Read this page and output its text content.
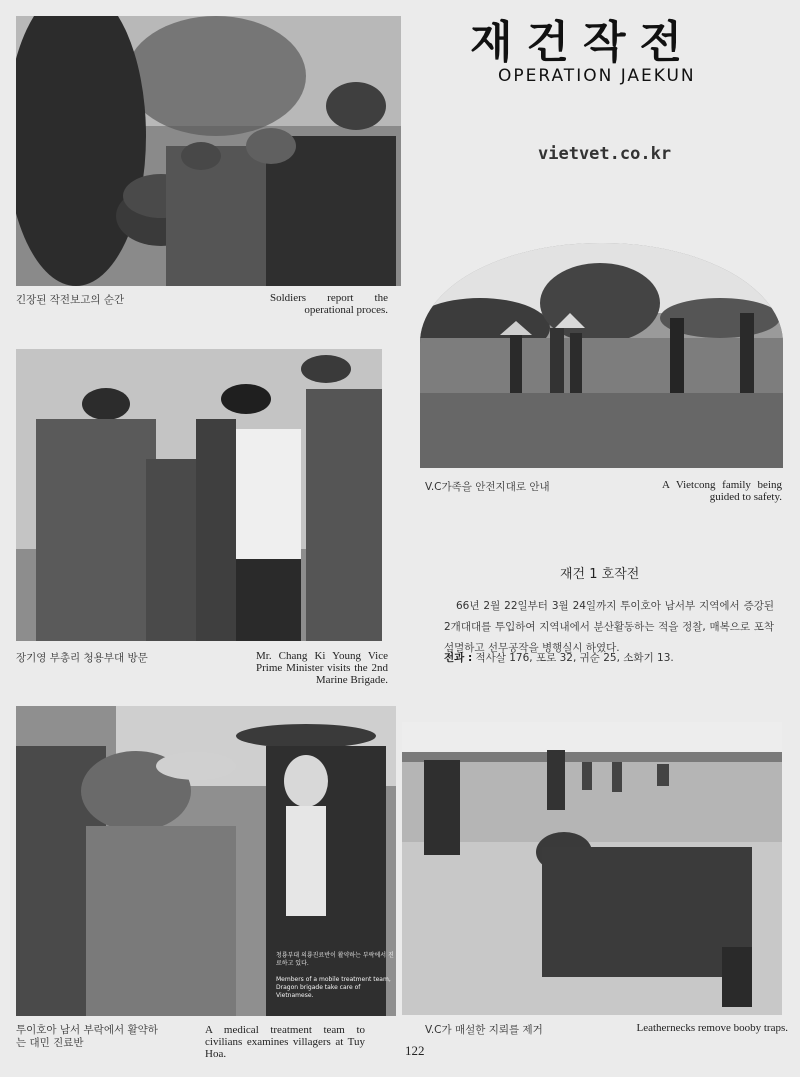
재건작전
OPERATION JAEKUN
vietvet.co.kr
긴장된 작전보고의 순간	Soldiers report the operational proces.
V.C가족을 안전지대로 안내	A Vietcong family being guided to safety.
장기영 부총리 청용부대 방문	Mr. Chang Ki Young Vice Prime Minister visits the 2nd Marine Brigade.
재건 1 호작전
66년 2월 22일부터 3월 24일까지 투이호아 남서부 지역에서 증강된 2개대대를 투입하여 지역내에서 분산활동하는 적을 정찰, 매복으로 포착 섬멸하고 선무공작을 병행실시 하였다.
전과 : 적사살 176, 포로 32, 귀순 25, 소화기 13.
청룡부대 의룡진료반이 활약하는 부락에서 진료하고 있다.
Members of a mobile treatment team, Dragon brigade take care of Vietnamese.
투이호아 남서 부락에서 활약하는 대민 진료반
A medical treatment team to civilians examines villagers at Tuy Hoa.
V.C가 매설한 지뢰를 제거	Leathernecks remove booby traps.
122
